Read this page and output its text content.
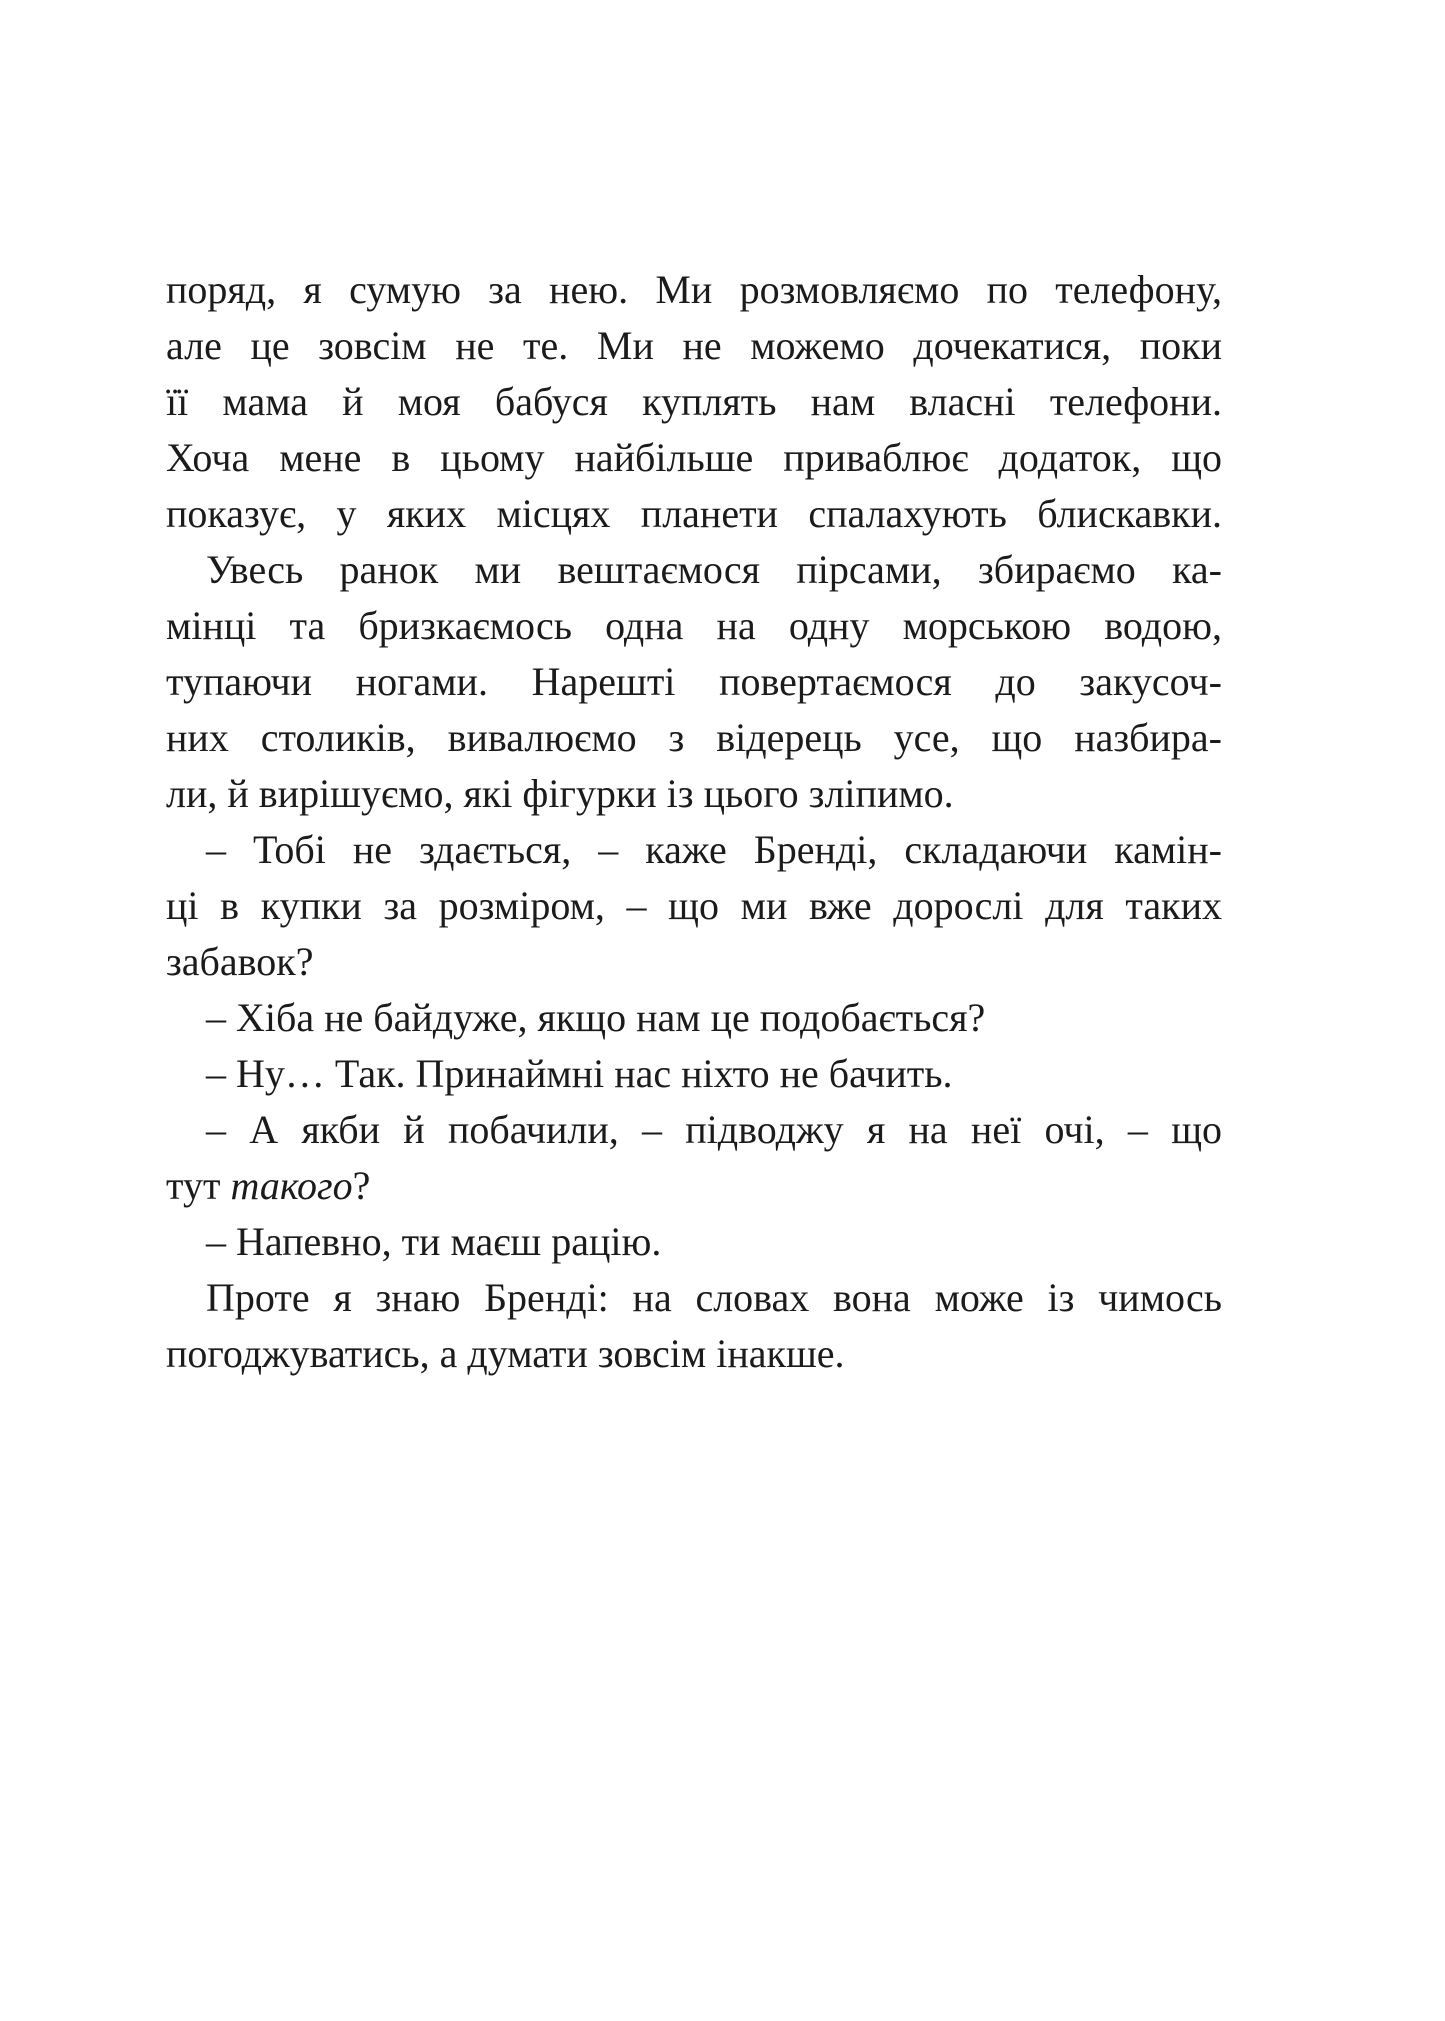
поряд, я сумую за нею. Ми розмовляємо по телефону,
але це зовсім не те. Ми не можемо дочекатися, поки
її мама й моя бабуся куплять нам власні телефони.
Хоча мене в цьому найбільше приваблює додаток, що
показує, у яких місцях планети спалахують блискавки.
Увесь ранок ми вештаємося пірсами, збираємо ка-
мінці та бризкаємось одна на одну морською водою,
тупаючи ногами. Нарешті повертаємося до закусоч-
них столиків, вивалюємо з відерець усе, що назбира-
ли, й вирішуємо, які фігурки із цього зліпимо.
– Тобі не здається, – каже Бренді, складаючи камін-
ці в купки за розміром, – що ми вже дорослі для таких
забавок?
– Хіба не байдуже, якщо нам це подобається?
– Ну… Так. Принаймні нас ніхто не бачить.
– А якби й побачили, – підводжу я на неї очі, – що
тут такого?
– Напевно, ти маєш рацію.
Проте я знаю Бренді: на словах вона може із чимось
погоджуватись, а думати зовсім інакше.
